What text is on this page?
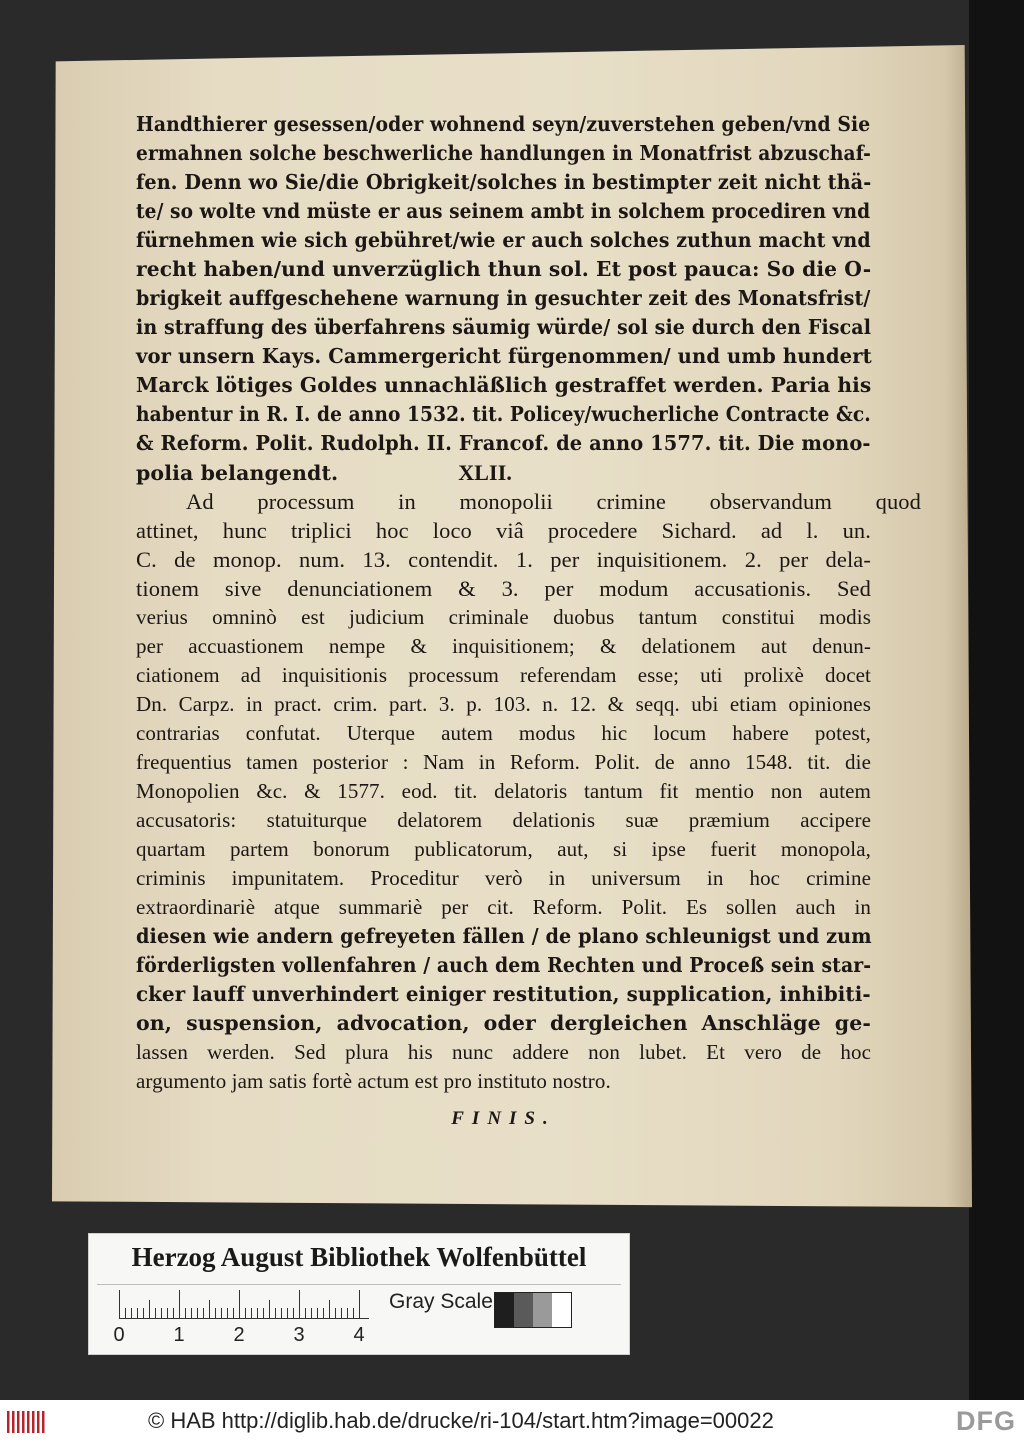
Handthierer gesessen/oder wohnend seyn/zuverstehen geben/vnd Sie
ermahnen solche beschwerliche handlungen in Monatfrist abzuschaf-
fen. Denn wo Sie/die Obrigkeit/solches in bestimpter zeit nicht thä-
te/ so wolte vnd müste er aus seinem ambt in solchem procediren vnd
fürnehmen wie sich gebühret/wie er auch solches zuthun macht vnd
recht haben/und unverzüglich thun sol. Et post pauca: So die O-
brigkeit auffgeschehene warnung in gesuchter zeit des Monatsfrist/
in straffung des überfahrens säumig würde/ sol sie durch den Fiscal
vor unsern Kays. Cammergericht fürgenommen/ und umb hundert
Marck lötiges Goldes unnachläßlich gestraffet werden. Paria his
habentur in R. I. de anno 1532. tit. Policey/wucherliche Contracte &c.
& Reform. Polit. Rudolph. II. Francof. de anno 1577. tit. Die mono-
polia belangendt.	XLII.
Ad processum in monopolii crimine observandum quod
attinet, hunc triplici hoc loco viâ procedere Sichard. ad l. un.
C. de monop. num. 13. contendit. 1. per inquisitionem. 2. per dela-
tionem sive denunciationem & 3. per modum accusationis. Sed
verius omninò est judicium criminale duobus tantum constitui modis
per accuastionem nempe & inquisitionem; & delationem aut denun-
ciationem ad inquisitionis processum referendam esse; uti prolixè docet
Dn. Carpz. in pract. crim. part. 3. p. 103. n. 12. & seqq. ubi etiam opiniones
contrarias confutat. Uterque autem modus hic locum habere potest,
frequentius tamen posterior : Nam in Reform. Polit. de anno 1548. tit. die
Monopolien &c. & 1577. eod. tit. delatoris tantum fit mentio non autem
accusatoris: statuiturque delatorem delationis suæ præmium accipere
quartam partem bonorum publicatorum, aut, si ipse fuerit monopola,
criminis impunitatem. Proceditur verò in universum in hoc crimine
extraordinariè atque summariè per cit. Reform. Polit. Es sollen auch in
diesen wie andern gefreyeten fällen / de plano schleunigst und zum
förderligsten vollenfahren / auch dem Rechten und Proceß sein star-
cker lauff unverhindert einiger restitution, supplication, inhibiti-
on, suspension, advocation, oder dergleichen Anschläge ge-
lassen werden. Sed plura his nunc addere non lubet. Et vero de hoc
argumento jam satis fortè actum est pro instituto nostro.
FINIS.
Herzog August Bibliothek Wolfenbüttel
0 1 2 3 4
Gray Scale
© HAB http://diglib.hab.de/drucke/ri-104/start.htm?image=00022	DFG
